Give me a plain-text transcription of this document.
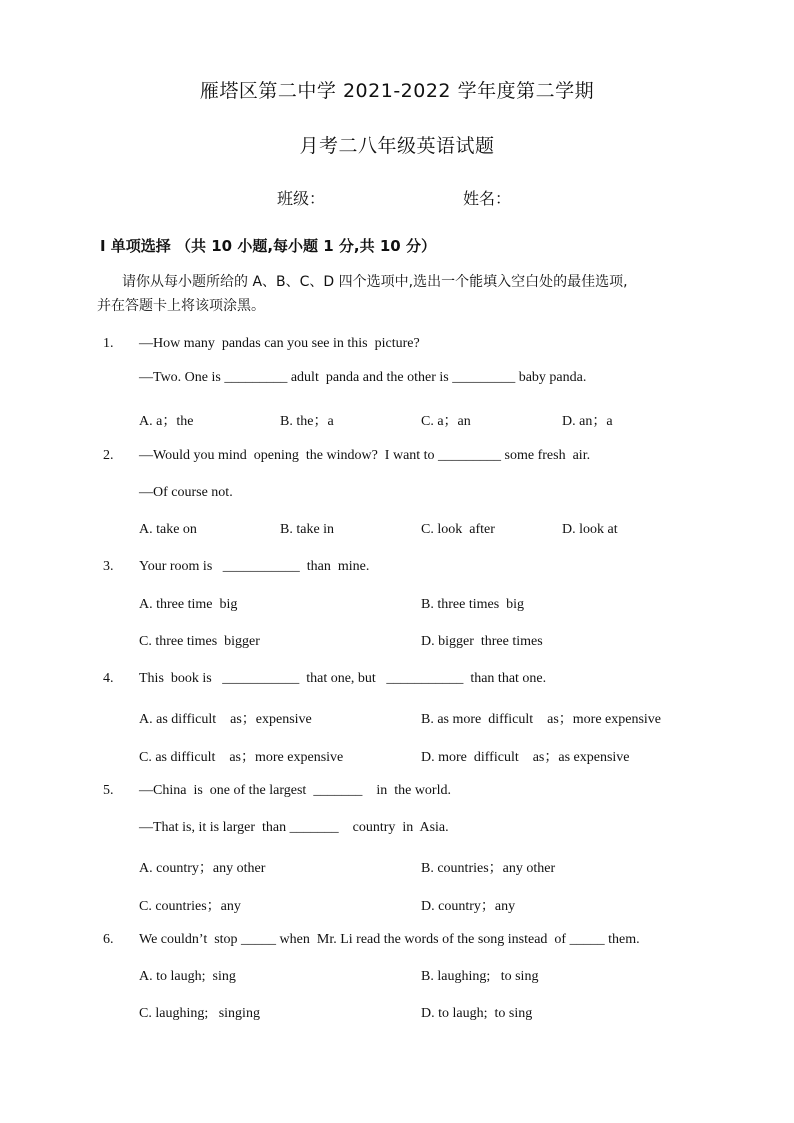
雁塔区第二中学 2021-2022 学年度第二学期
月考二八年级英语试题
班级：	姓名：
I 单项选择 （共 10 小题,每小题 1 分,共 10 分）
请你从每小题所给的 A、B、C、D 四个选项中,选出一个能填入空白处的最佳选项,
并在答题卡上将该项涂黑。
1. —How many  pandas can you see in this  picture?
—Two. One is _________ adult  panda and the other is _________ baby panda.
A. a；the	B. the；a	C. a；an	D. an；a
2. —Would you mind  opening  the window?  I want to _________ some fresh  air.
—Of course not.
A. take on	B. take in	C. look  after	D. look at
3. Your room is   ___________  than  mine.
A. three time  big	B. three times  big
C. three times  bigger	D. bigger  three times
4. This  book is   ___________  that one, but   ___________  than that one.
A. as difficult    as；expensive	B. as more  difficult    as；more expensive
C. as difficult    as；more expensive	D. more  difficult    as；as expensive
5. —China  is  one of the largest  _______    in  the world.
—That is, it is larger  than _______    country  in  Asia.
A. country；any other	B. countries；any other
C. countries；any	D. country；any
6. We couldn’t  stop _____ when  Mr. Li read the words of the song instead  of _____ them.
A. to laugh;  sing	B. laughing;   to sing
C. laughing;   singing	D. to laugh;  to sing
